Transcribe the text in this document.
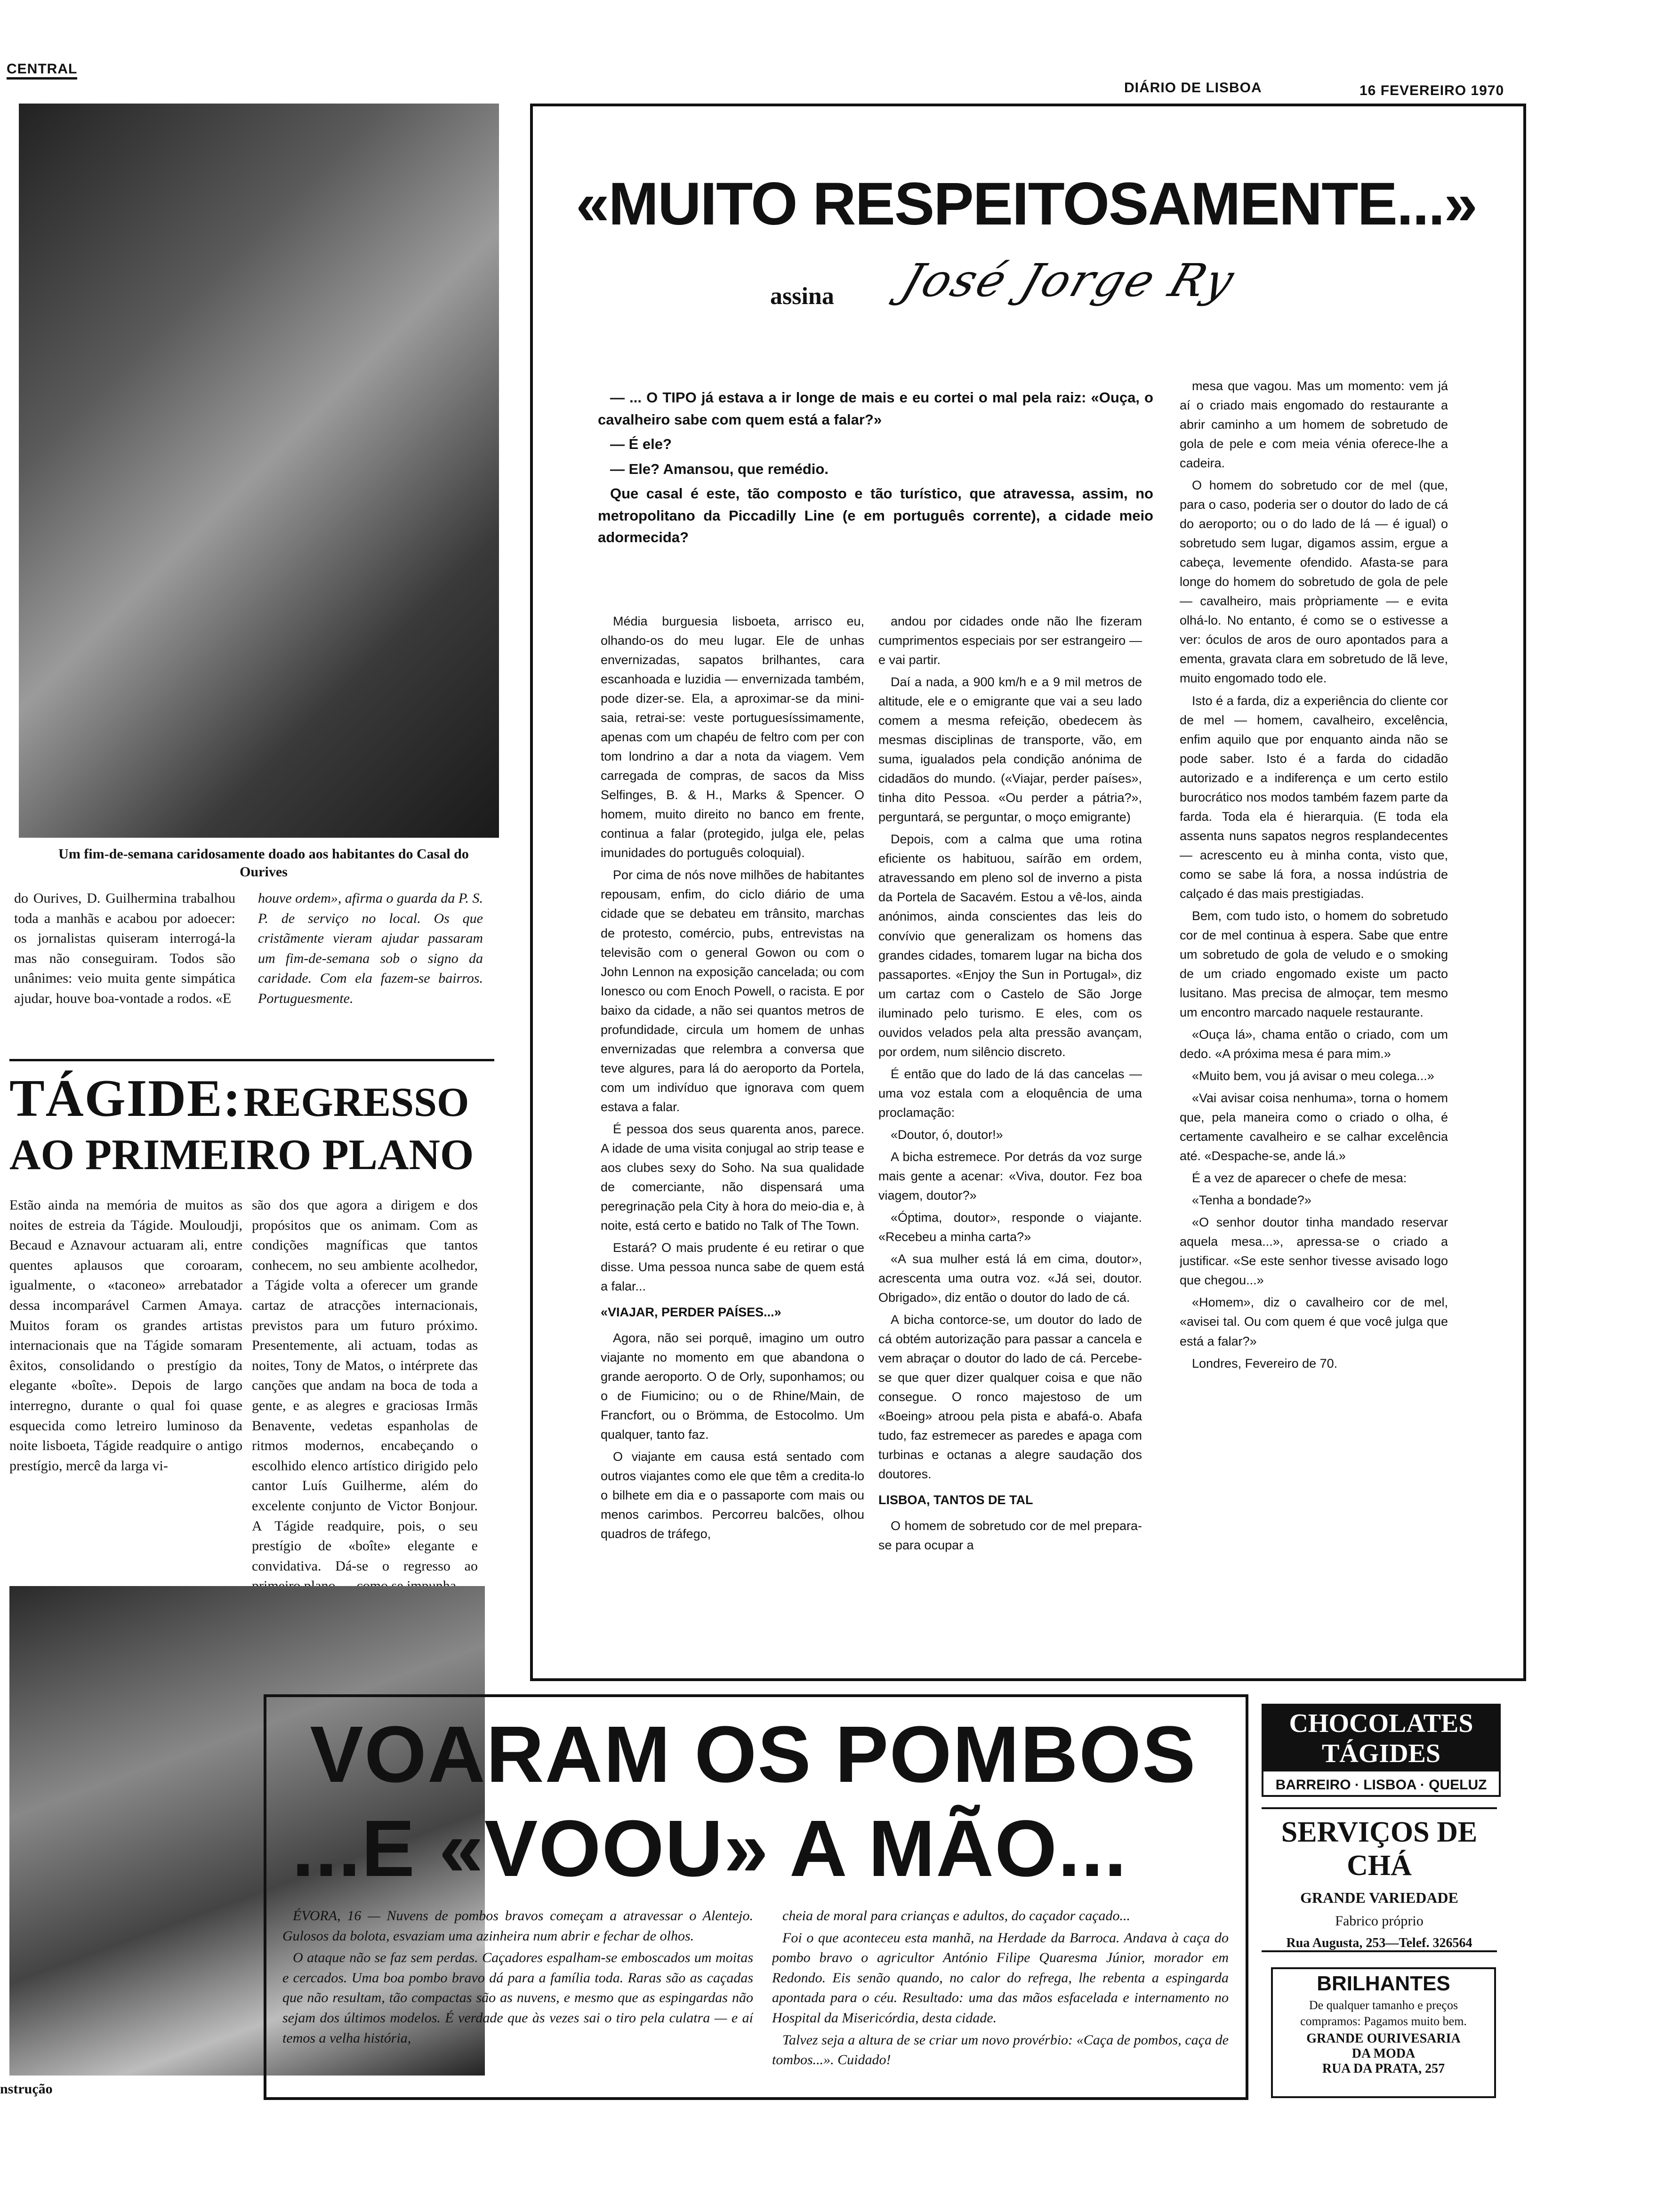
CENTRAL
DIÁRIO DE LISBOA	16 FEVEREIRO 1970
Um fim-de-semana caridosamente doado aos habitantes do Casal do Ourives
do Ourives, D. Guilhermina trabalhou toda a manhãs e acabou por adoecer: os jornalistas quiseram interrogá-la mas não conseguiram. Todos são unânimes: veio muita gente simpática ajudar, houve boa-vontade a rodos. «E
houve ordem», afirma o guarda da P. S. P. de serviço no local. Os que cristãmente vieram ajudar passaram um fim-de-semana sob o signo da caridade. Com ela fazem-se bairros. Portuguesmente.
TÁGIDE: REGRESSO
AO PRIMEIRO PLANO
Estão ainda na memória de muitos as noites de estreia da Tágide. Mouloudji, Becaud e Aznavour actuaram ali, entre quentes aplausos que coroaram, igualmente, o «taconeo» arrebatador dessa incomparável Carmen Amaya. Muitos foram os grandes artistas internacionais que na Tágide somaram êxitos, consolidando o prestígio da elegante «boîte». Depois de largo interregno, durante o qual foi quase esquecida como letreiro luminoso da noite lisboeta, Tágide readquire o antigo prestígio, mercê da larga vi-
são dos que agora a dirigem e dos propósitos que os animam. Com as condições magníficas que tantos conhecem, no seu ambiente acolhedor, a Tágide volta a oferecer um grande cartaz de atracções internacionais, previstos para um futuro próximo. Presentemente, ali actuam, todas as noites, Tony de Matos, o intérprete das canções que andam na boca de toda a gente, e as alegres e graciosas Irmãs Benavente, vedetas espanholas de ritmos modernos, encabeçando o escolhido elenco artístico dirigido pelo cantor Luís Guilherme, além do excelente conjunto de Victor Bonjour. A Tágide readquire, pois, o seu prestígio de «boîte» elegante e convidativa. Dá-se o regresso ao
nstrução
«MUITO RESPEITOSAMENTE...»
assina José Jorge Ry

— ... O TIPO já estava a ir longe de mais e eu cortei o mal pela raiz: «Ouça, o cavalheiro sabe com quem está a falar?»

— É ele?

— Ele? Amansou, que remédio.

Que casal é este, tão composto e tão turístico, que atravessa, assim, no metropolitano da Piccadilly Line (e em português corrente), a cidade meio adormecida?

Média burguesia lisboeta, arrisco eu, olhando-os do meu lugar. Ele de unhas envernizadas, sapatos brilhantes, cara escanhoada e luzidia — envernizada também, pode dizer-se. Ela, a aproximar-se da mini-saia, retrai-se: veste portuguesíssimamente, apenas com um chapéu de feltro com per con tom londrino a dar a nota da viagem. Vem carregada de compras, de sacos da Miss Selfinges, B. & H., Marks & Spencer. O homem, muito direito no banco em frente, continua a falar (protegido, julga ele, pelas imunidades do português coloquial).

Por cima de nós nove milhões de habitantes repousam, enfim, do ciclo diário de uma cidade que se debateu em trânsito, marchas de protesto, comércio, pubs, entrevistas na televisão com o general Gowon ou com o John Lennon na exposição cancelada; ou com Ionesco ou com Enoch Powell, o racista. E por baixo da cidade, a não sei quantos metros de profundidade, circula um homem de unhas envernizadas que relembra a conversa que teve algures, para lá do aeroporto da Portela, com um indivíduo que ignorava com quem estava a falar.

É pessoa dos seus quarenta anos, parece. A idade de uma visita conjugal ao strip tease e aos clubes sexy do Soho. Na sua qualidade de comerciante, não dispensará uma peregrinação pela City à hora do meio-dia e, à noite, está certo e batido no Talk of The Town.

Estará? O mais prudente é eu retirar o que disse. Uma pessoa nunca sabe de quem está a falar...

«VIAJAR, PERDER PAÍSES...»

Agora, não sei porquê, imagino um outro viajante no momento em que abandona o grande aeroporto. O de Orly, suponhamos; ou o de Fiumicino; ou o de Rhine/Main, de Francfort, ou o Brömma, de Estocolmo. Um qualquer, tanto faz.

O viajante em causa está sentado com outros viajantes como ele que têm a credita-lo o bilhete em dia e o passaporte com mais ou menos carimbos. Percorreu balcões, olhou quadros de tráfego,

andou por cidades onde não lhe fizeram cumprimentos especiais por ser estrangeiro — e vai partir.

Daí a nada, a 900 km/h e a 9 mil metros de altitude, ele e o emigrante que vai a seu lado comem a mesma refeição, obedecem às mesmas disciplinas de transporte, vão, em suma, igualados pela condição anónima de cidadãos do mundo. («Viajar, perder países», tinha dito Pessoa. «Ou perder a pátria?», perguntará, se perguntar, o moço emigrante)

Depois, com a calma que uma rotina eficiente os habituou, saírão em ordem, atravessando em pleno sol de inverno a pista da Portela de Sacavém. Estou a vê-los, ainda anónimos, ainda conscientes das leis do convívio que generalizam os homens das grandes cidades, tomarem lugar na bicha dos passaportes. «Enjoy the Sun in Portugal», diz um cartaz com o Castelo de São Jorge iluminado pelo turismo. E eles, com os ouvidos velados pela alta pressão avançam, por ordem, num silêncio discreto.

É então que do lado de lá das cancelas — uma voz estala com a eloquência de uma proclamação:

«Doutor, ó, doutor!»

A bicha estremece. Por detrás da voz surge mais gente a acenar: «Viva, doutor. Fez boa viagem, doutor?»

«Óptima, doutor», responde o viajante. «Recebeu a minha carta?»

«A sua mulher está lá em cima, doutor», acrescenta uma outra voz. «Já sei, doutor. Obrigado», diz então o doutor do lado de cá.

A bicha contorce-se, um doutor do lado de cá obtém autorização para passar a cancela e vem abraçar o doutor do lado de cá. Percebe-se que quer dizer qualquer coisa e que não consegue. O ronco majestoso de um «Boeing» atroou pela pista e abafá-o. Abafa tudo, faz estremecer as paredes e apaga com turbinas e octanas a alegre saudação dos doutores.

LISBOA, TANTOS DE TAL

O homem de sobretudo cor de mel prepara-se para ocupar a

mesa que vagou. Mas um momento: vem já aí o criado mais engomado do restaurante a abrir caminho a um homem de sobretudo de gola de pele e com meia vénia oferece-lhe a cadeira.

O homem do sobretudo cor de mel (que, para o caso, poderia ser o doutor do lado de cá do aeroporto; ou o do lado de lá — é igual) o sobretudo sem lugar, digamos assim, ergue a cabeça, levemente ofendido. Afasta-se para longe do homem do sobretudo de gola de pele — cavalheiro, mais pròpriamente — e evita olhá-lo. No entanto, é como se o estivesse a ver: óculos de aros de ouro apontados para a ementa, gravata clara em sobretudo de lã leve, muito engomado todo ele.

Isto é a farda, diz a experiência do cliente cor de mel — homem, cavalheiro, excelência, enfim aquilo que por enquanto ainda não se pode saber. Isto é a farda do cidadão autorizado e a indiferença e um certo estilo burocrático nos modos também fazem parte da farda. Toda ela é hierarquia. (E toda ela assenta nuns sapatos negros resplandecentes — acrescento eu à minha conta, visto que, como se sabe lá fora, a nossa indústria de calçado é das mais prestigiadas.

Bem, com tudo isto, o homem do sobretudo cor de mel continua à espera. Sabe que entre um sobretudo de gola de veludo e o smoking de um criado engomado existe um pacto lusitano. Mas precisa de almoçar, tem mesmo um encontro marcado naquele restaurante.

«Ouça lá», chama então o criado, com um dedo. «A próxima mesa é para mim.»

«Muito bem, vou já avisar o meu colega...»

«Vai avisar coisa nenhuma», torna o homem que, pela maneira como o criado o olha, é certamente cavalheiro e se calhar excelência até. «Despache-se, ande lá.»

É a vez de aparecer o chefe de mesa:

«Tenha a bondade?»

«O senhor doutor tinha mandado reservar aquela mesa...», apressa-se o criado a justificar. «Se este senhor tivesse avisado logo que chegou...»

«Homem», diz o cavalheiro cor de mel, «avisei tal. Ou com quem é que você julga que está a falar?»

Londres, Fevereiro de 70.

VOARAM OS POMBOS
...E «VOOU» A MÃO...

ÉVORA, 16 — Nuvens de pombos bravos começam a atravessar o Alentejo. Gulosos da bolota, esvaziam uma azinheira num abrir e fechar de olhos.

O ataque não se faz sem perdas. Caçadores espalham-se emboscados um moitas e cercados. Uma boa pombo bravo dá para a família toda. Raras são as caçadas que não resultam, tão compactas são as nuvens, e mesmo que as espingardas não sejam dos últimos modelos. É verdade que às vezes sai o tiro pela culatra — e aí temos a velha história,

cheia de moral para crianças e adultos, do caçador caçado...

Foi o que aconteceu esta manhã, na Herdade da Barroca. Andava à caça do pombo bravo o agricultor António Filipe Quaresma Júnior, morador em Redondo. Eis senão quando, no calor do refrega, lhe rebenta a espingarda apontada para o céu. Resultado: uma das mãos esfacelada e internamento no Hospital da Misericórdia, desta cidade.

Talvez seja a altura de se criar um novo provérbio: «Caça de pombos, caça de tombos...». Cuidado!

CHOCOLATES TÁGIDES
BARREIRO · LISBOA · QUELUZ
SERVIÇOS DE CHÁ
GRANDE VARIEDADE
Fabrico próprio
Rua Augusta, 253—Telef. 326564
BRILHANTES
De qualquer tamanho e preços compramos: Pagamos muito bem.
GRANDE OURIVESARIA
DA MODA
RUA DA PRATA, 257
